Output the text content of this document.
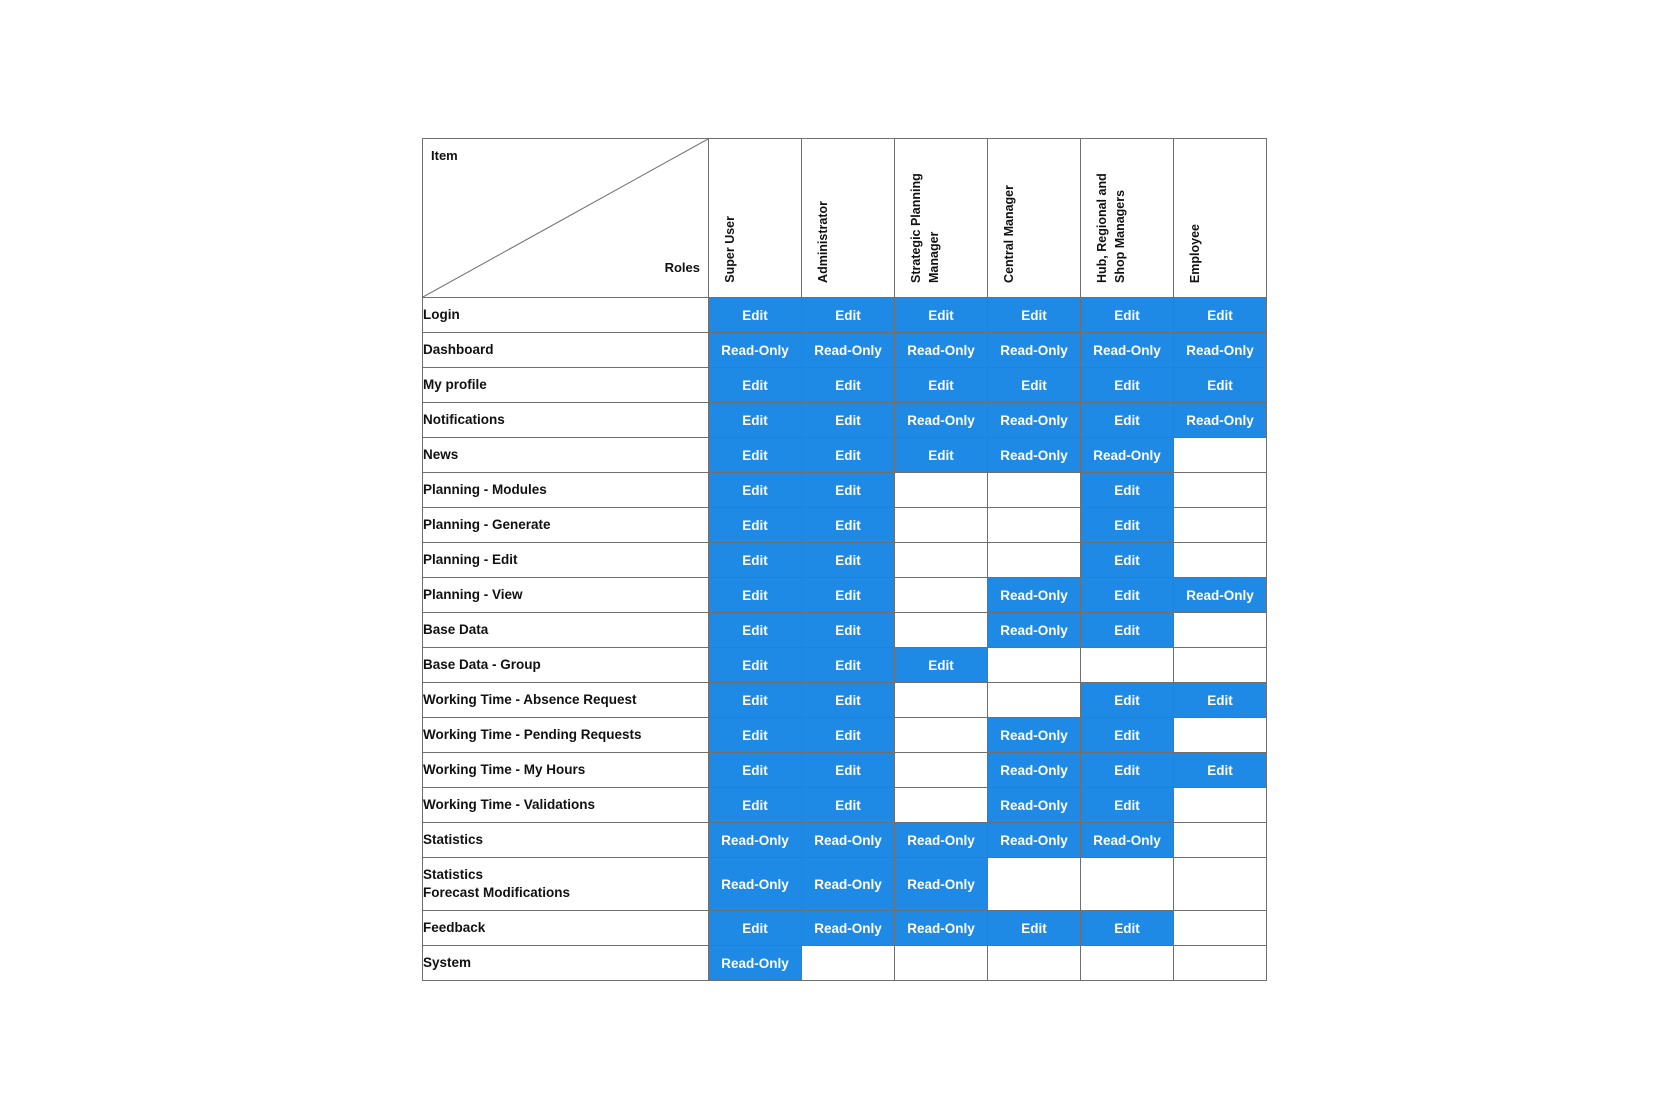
Item
Roles	Super User	Administrator	Strategic Planning Manager	Central Manager	Hub, Regional and Shop Managers	Employee

Login	Edit	Edit	Edit	Edit	Edit	Edit
Dashboard	Read-Only	Read-Only	Read-Only	Read-Only	Read-Only	Read-Only
My profile	Edit	Edit	Edit	Edit	Edit	Edit
Notifications	Edit	Edit	Read-Only	Read-Only	Edit	Read-Only
News	Edit	Edit	Edit	Read-Only	Read-Only	
Planning - Modules	Edit	Edit			Edit	
Planning - Generate	Edit	Edit			Edit	
Planning - Edit	Edit	Edit			Edit	
Planning - View	Edit	Edit		Read-Only	Edit	Read-Only
Base Data	Edit	Edit		Read-Only	Edit	
Base Data - Group	Edit	Edit	Edit			
Working Time - Absence Request	Edit	Edit			Edit	Edit
Working Time - Pending Requests	Edit	Edit		Read-Only	Edit	
Working Time - My Hours	Edit	Edit		Read-Only	Edit	Edit
Working Time - Validations	Edit	Edit		Read-Only	Edit	
Statistics	Read-Only	Read-Only	Read-Only	Read-Only	Read-Only	
Statistics
Forecast Modifications	Read-Only	Read-Only	Read-Only			
Feedback	Edit	Read-Only	Read-Only	Edit	Edit	
System	Read-Only					
